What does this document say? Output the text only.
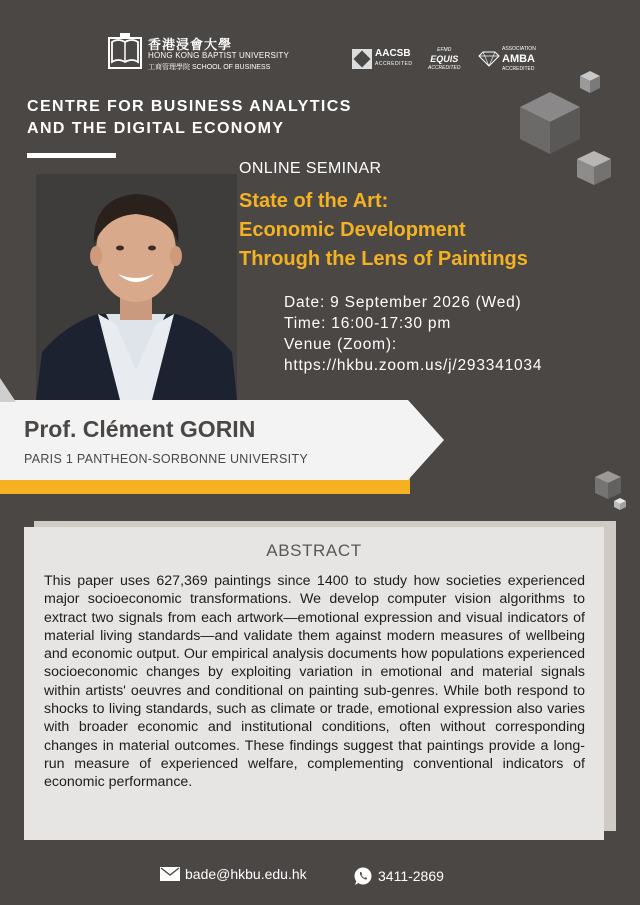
香港浸會大學
HONG KONG BAPTIST UNIVERSITY
工商管理學院 SCHOOL OF BUSINESS
AACSB
ACCREDITED
EFMD
EQUIS
ACCREDITED
ASSOCIATION
AMBA
ACCREDITED
CENTRE FOR BUSINESS ANALYTICS
AND THE DIGITAL ECONOMY
ONLINE SEMINAR
State of the Art:
Economic Development
Through the Lens of Paintings
Date: 9 September 2026 (Wed)
Time: 16:00-17:30 pm
Venue (Zoom):
https://hkbu.zoom.us/j/293341034
Prof. Clément GORIN
PARIS 1 PANTHEON-SORBONNE UNIVERSITY
ABSTRACT
This paper uses 627,369 paintings since 1400 to study how societies experienced major socioeconomic transformations. We develop computer vision algorithms to extract two signals from each artwork—emotional expression and visual indicators of material living standards—and validate them against modern measures of wellbeing and economic output. Our empirical analysis documents how populations experienced socioeconomic changes by exploiting variation in emotional and material signals within artists' oeuvres and conditional on painting sub-genres. While both respond to shocks to living standards, such as climate or trade, emotional expression also varies with broader economic and institutional conditions, often without corresponding changes in material outcomes. These findings suggest that paintings provide a long-run measure of experienced welfare, complementing conventional indicators of economic performance.
bade@hkbu.edu.hk	3411-2869
